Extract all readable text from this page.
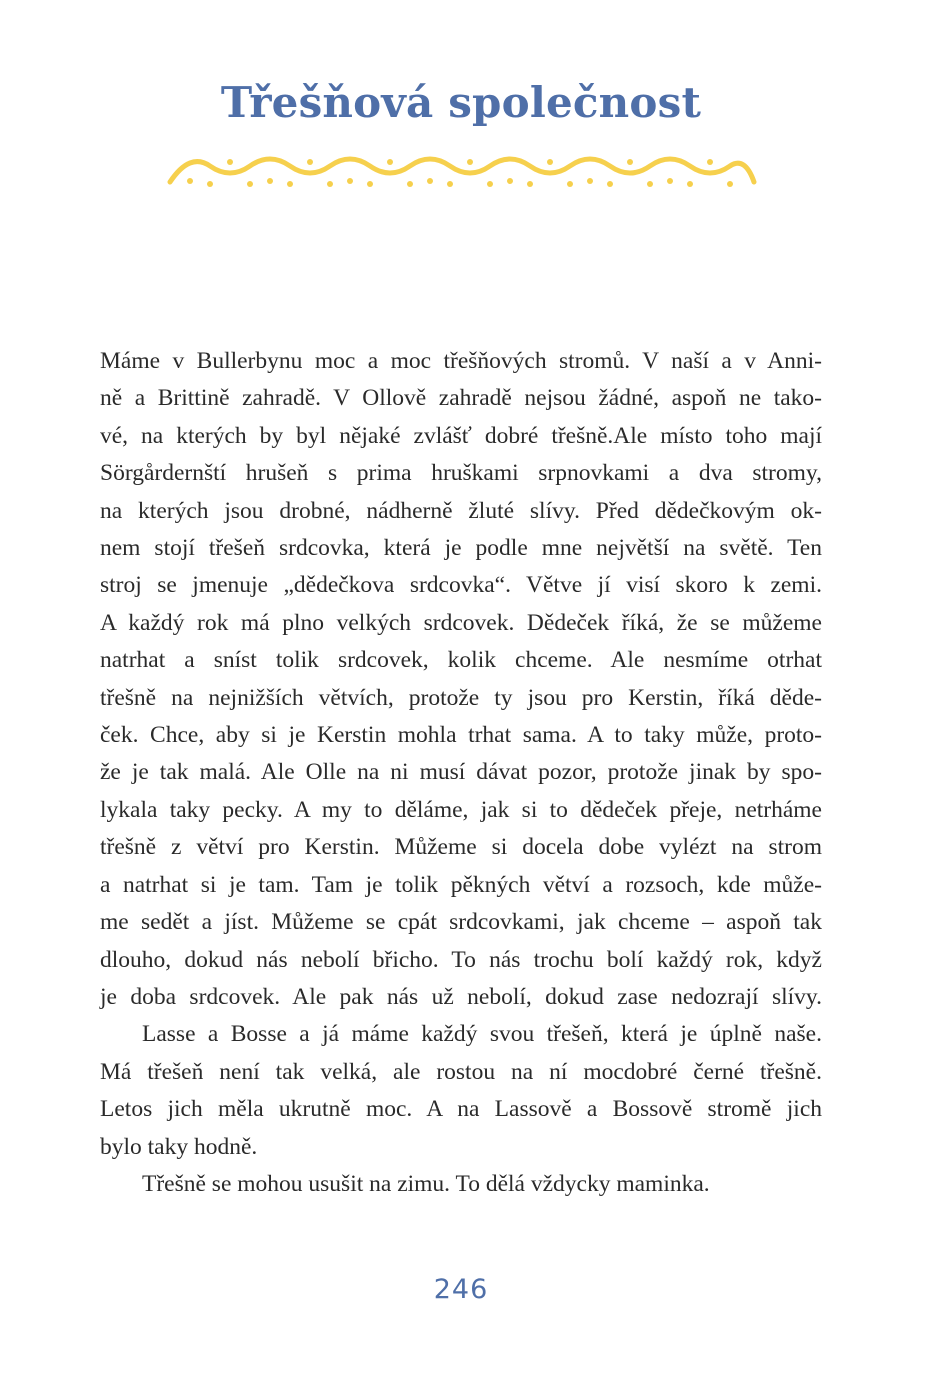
Třešňová společnost
Máme v Bullerbynu moc a moc třešňových stromů. V naší a v Anni-
ně a Brittině zahradě. V Ollově zahradě nejsou žádné, aspoň ne tako-
vé, na kterých by byl nějaké zvlášť dobré třešně.Ale místo toho mají
Sörgårdernští hrušeň s prima hruškami srpnovkami a dva stromy,
na kterých jsou drobné, nádherně žluté slívy. Před dědečkovým ok-
nem stojí třešeň srdcovka, která je podle mne největší na světě. Ten
stroj se jmenuje „dědečkova srdcovka“. Větve jí visí skoro k zemi.
A každý rok má plno velkých srdcovek. Dědeček říká, že se můžeme
natrhat a sníst tolik srdcovek, kolik chceme. Ale nesmíme otrhat
třešně na nejnižších větvích, protože ty jsou pro Kerstin, říká děde-
ček. Chce, aby si je Kerstin mohla trhat sama. A to taky může, proto-
že je tak malá. Ale Olle na ni musí dávat pozor, protože jinak by spo-
lykala taky pecky. A my to děláme, jak si to dědeček přeje, netrháme
třešně z větví pro Kerstin. Můžeme si docela dobe vylézt na strom
a natrhat si je tam. Tam je tolik pěkných větví a rozsoch, kde může-
me sedět a jíst. Můžeme se cpát srdcovkami, jak chceme – aspoň tak
dlouho, dokud nás nebolí břicho. To nás trochu bolí každý rok, když
je doba srdcovek. Ale pak nás už nebolí, dokud zase nedozrají slívy.
Lasse a Bosse a já máme každý svou třešeň, která je úplně naše.
Má třešeň není tak velká, ale rostou na ní mocdobré černé třešně.
Letos jich měla ukrutně moc. A na Lassově a Bossově stromě jich
bylo taky hodně.
Třešně se mohou usušit na zimu. To dělá vždycky maminka.
246
